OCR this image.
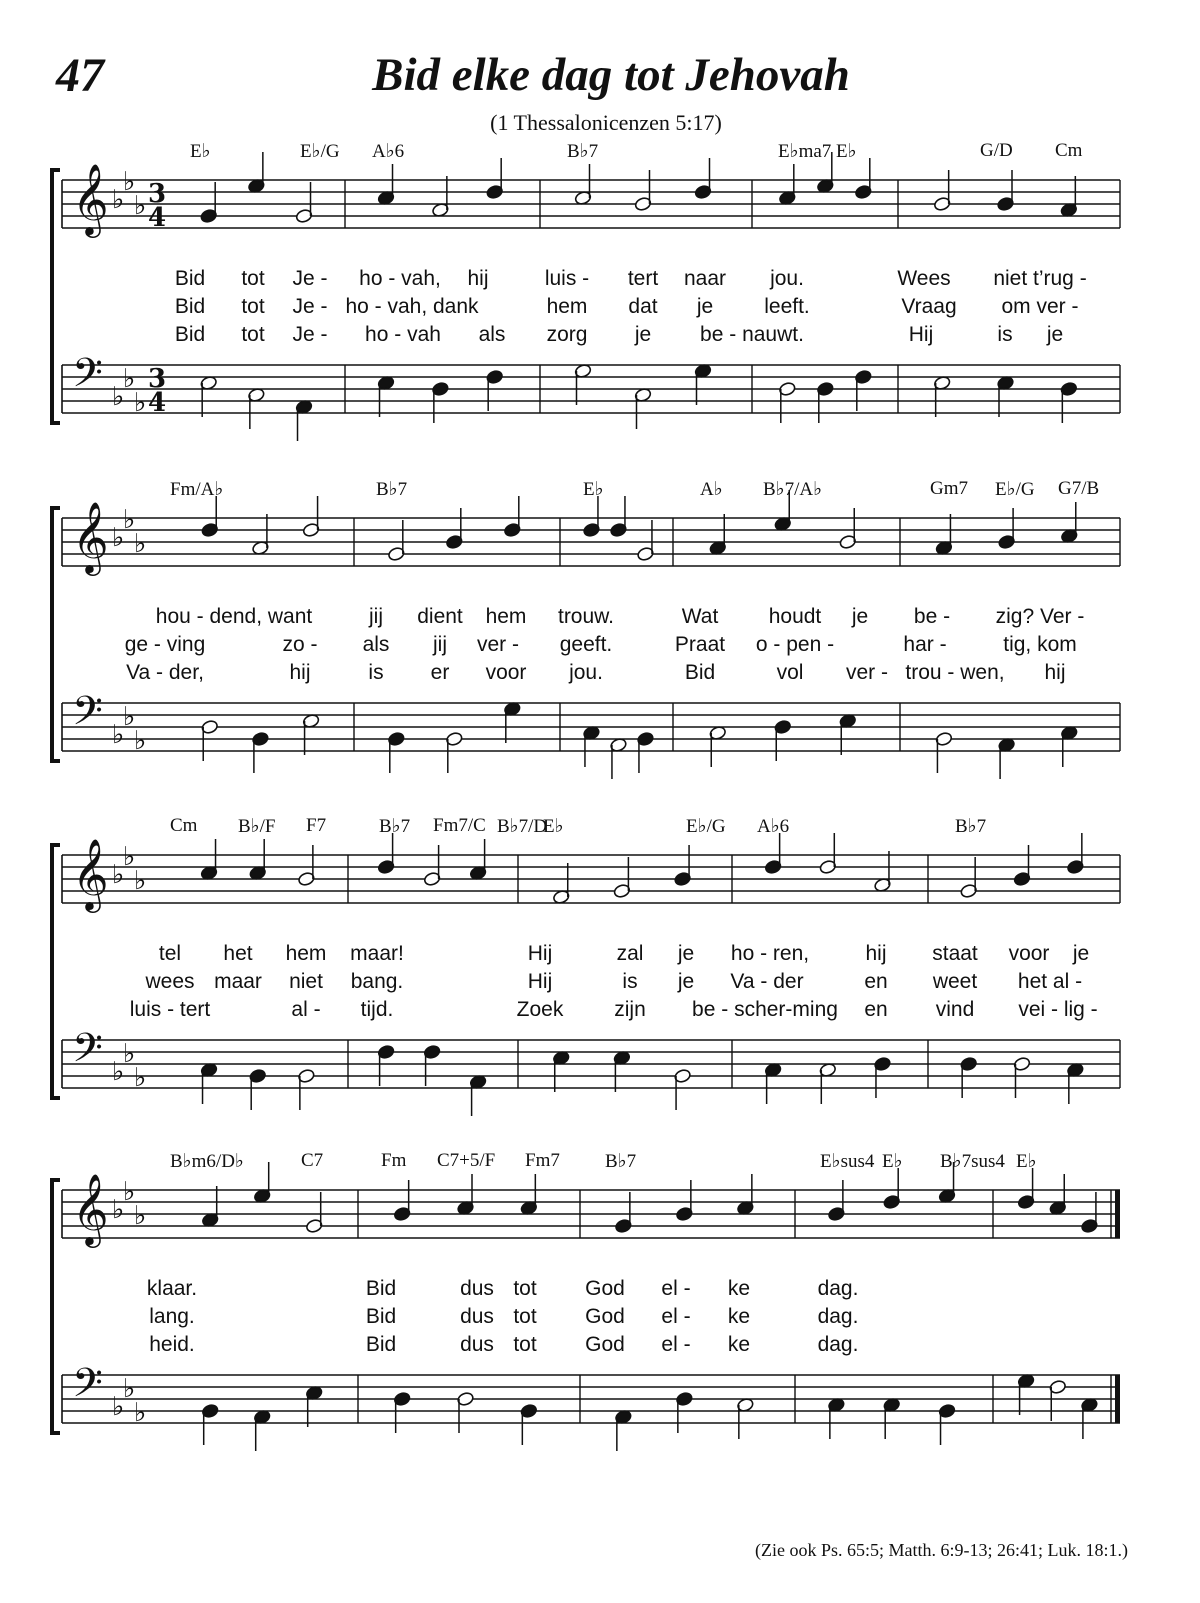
47	Bid elke dag tot Jehovah
(1 Thessalonicenzen 5:17)
𝄞 ♭
♭
♭ 3
4
𝄢 ♭
♭
♭
3
4
E♭	E♭/G A♭6	B♭7	E♭ma7 E♭	G/D Cm
Bid tot Je - ho - vah, hij	luis - tert naar jou.	Wees niet t’rug -
Bid tot Je - ho - vah, dank	hem dat je leeft.	Vraag om ver -
Bid tot Je - ho - vah als zorg je be - nauwt.	Hij	is je
𝄞 ♭
♭
♭
𝄢 ♭
♭
♭
Fm/A♭	B♭7	E♭	A♭ B♭7/A♭	Gm7 E♭/G G7/B
hou - dend, want	jij dient hem trouw.	Wat houdt je be - zig? Ver -
ge - ving	zo - als jij ver - geeft.	Praat o - pen -	har -	tig, kom
Va - der,	hij	is er voor jou.	Bid	vol ver - trou - wen, hij
𝄞 ♭
♭
♭
𝄢 ♭
♭
♭
Cm B♭/F F7	B♭7 Fm7/C B♭7/D
E♭	E♭/G A♭6	B♭7
tel het hem maar!	Hij	zal je ho - ren,	hij staat voor je
wees maar niet bang.	Hij	is je Va - der	en weet het al -
luis - tert	al - tijd.	Zoek zijn be - scher-ming en vind vei - lig -
𝄞 ♭
♭
♭
𝄢 ♭
♭
♭
B♭m6/D♭	C7	Fm C7+5/F Fm7 B♭7	E♭sus4 E♭ B♭7sus4 E♭
klaar.	Bid	dus tot God el - ke	dag.
lang.	Bid	dus tot God el - ke	dag.
heid.	Bid	dus tot God el - ke	dag.
(Zie ook Ps. 65:5; Matth. 6:9-13; 26:41; Luk. 18:1.)
